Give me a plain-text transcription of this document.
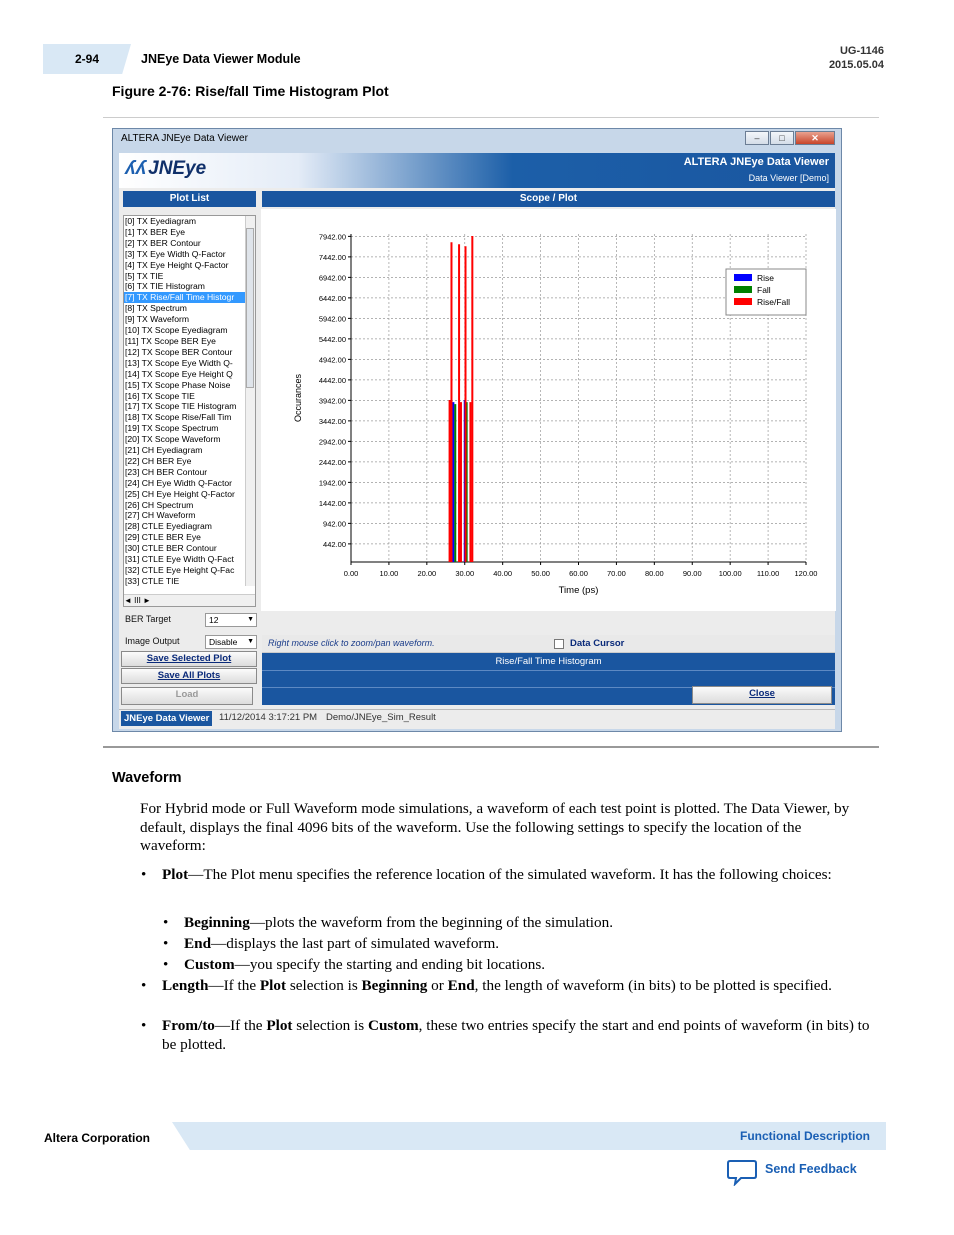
2-94	JNEye Data Viewer Module
UG-1146
2015.05.04
Figure 2-76: Rise/fall Time Histogram Plot
ALTERA JNEye Data Viewer	–	□	✕
ʎʎ JNEye	ALTERA JNEye Data Viewer
Data Viewer [Demo]
Plot List	Scope / Plot
[0] TX Eyediagram
[1] TX BER Eye
[2] TX BER Contour
[3] TX Eye Width Q-Factor
[4] TX Eye Height Q-Factor
[5] TX TIE
[6] TX TIE Histogram
[7] TX Rise/Fall Time Histogr
[8] TX Spectrum
[9] TX Waveform
[10] TX Scope Eyediagram
[11] TX Scope BER Eye
[12] TX Scope BER Contour
[13] TX Scope Eye Width Q-
[14] TX Scope Eye Height Q
[15] TX Scope Phase Noise
[16] TX Scope TIE
[17] TX Scope TIE Histogram
[18] TX Scope Rise/Fall Tim
[19] TX Scope Spectrum
[20] TX Scope Waveform
[21] CH Eyediagram
[22] CH BER Eye
[23] CH BER Contour
[24] CH Eye Width Q-Factor
[25] CH Eye Height Q-Factor
[26] CH Spectrum
[27] CH Waveform
[28] CTLE Eyediagram
[29] CTLE BER Eye
[30] CTLE BER Contour
[31] CTLE Eye Width Q-Fact
[32] CTLE Eye Height Q-Fac
[33] CTLE TIE
◄ III ►
442.00
942.00
1442.00
1942.00
2442.00
2942.00
3442.00
3942.00
4442.00
4942.00
5442.00
5942.00
6442.00
6942.00
7442.00
7942.00
0.00	10.00	20.00	30.00	40.00	50.00	60.00	70.00	80.00	90.00 100.00 110.00 120.00
Time (ps)
Occurances
Rise
Fall
Rise/Fall
BER Target	12	▼
Image Output	Disable ▼
Save Selected Plot
Save All Plots
Load
Right mouse click to zoom/pan waveform.	Data Cursor
Rise/Fall Time Histogram
Close
JNEye Data Viewer	11/12/2014 3:17:21 PM Demo/JNEye_Sim_Result
Waveform
For Hybrid mode or Full Waveform mode simulations, a waveform of each test point is plotted. The Data Viewer, by default, displays the final 4096 bits of the waveform. Use the following settings to specify the location of the waveform:
• Plot—The Plot menu specifies the reference location of the simulated waveform. It has the following choices:
• Beginning—plots the waveform from the beginning of the simulation.
• End—displays the last part of simulated waveform.
• Custom—you specify the starting and ending bit locations.
• Length—If the Plot selection is Beginning or End, the length of waveform (in bits) to be plotted is specified.
• From/to—If the Plot selection is Custom, these two entries specify the start and end points of waveform (in bits) to be plotted.
Altera Corporation	Functional Description
Send Feedback
